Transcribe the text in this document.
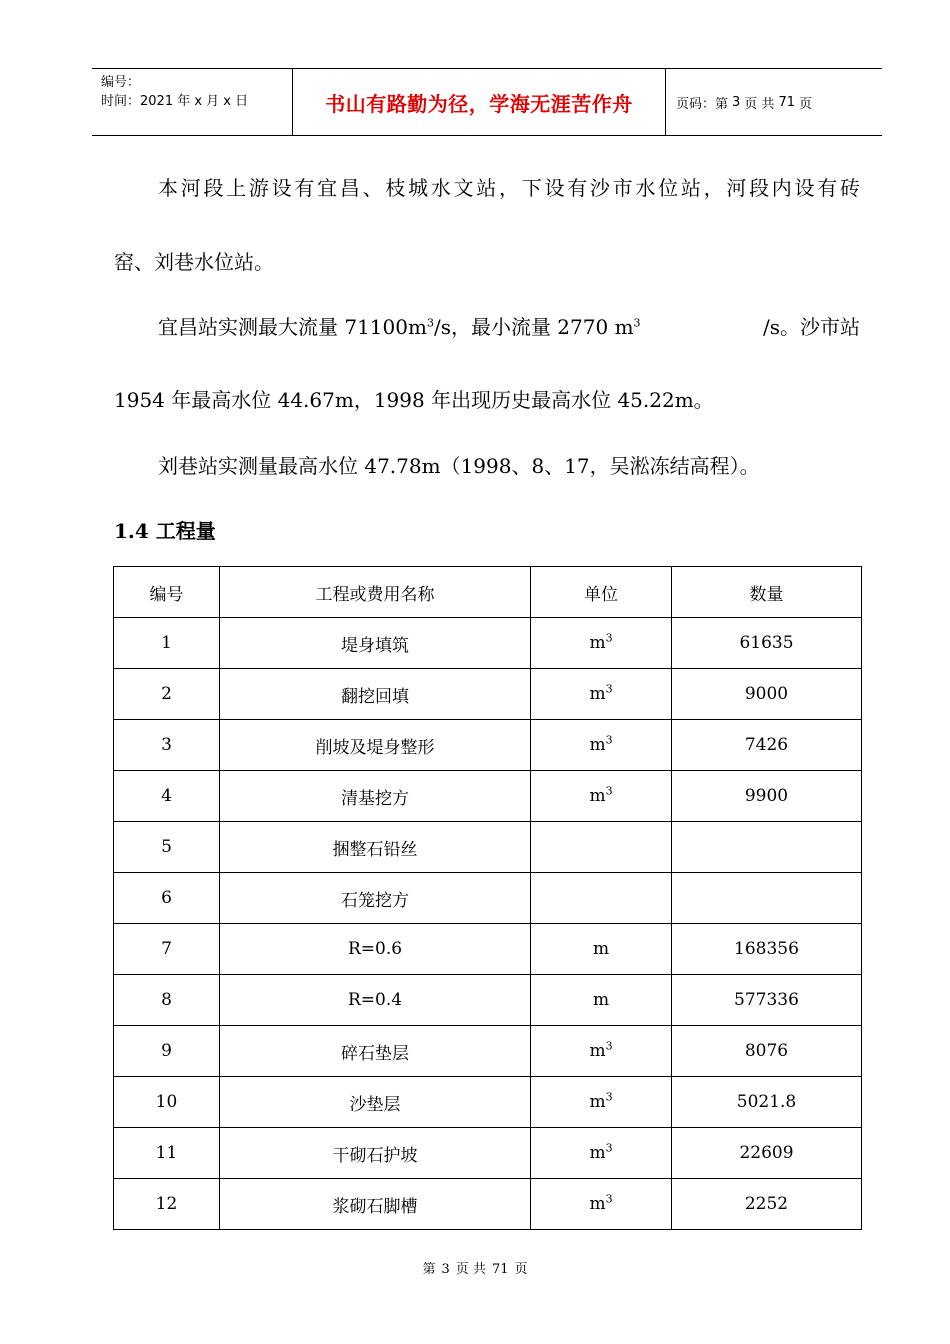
编号：
时间：2021 年 x 月 x 日	书山有路勤为径，学海无涯苦作舟	页码：第 3 页 共 71 页
本河段上游设有宜昌、枝城水文站，下设有沙市水位站，河段内设有砖
窑、刘巷水位站。
宜昌站实测最大流量 $71100m^3/s$，最小流量 2770 $m^3$	/s。沙市站
1954 年最高水位 44.67m，1998 年出现历史最高水位 45.22m。
刘巷站实测量最高水位 47.78m（1998、8、17，吴淞冻结高程）。
1.4 工程量
编号	工程或费用名称	单位	数量
1	堤身填筑	$m^3$	61635
2	翻挖回填	$m^3$	9000
3	削坡及堤身整形	$m^3$	7426
4	清基挖方	$m^3$	9900
5	捆整石铅丝		
6	石笼挖方		
7	R=0.6	m	168356
8	R=0.4	m	577336
9	碎石垫层	$m^3$	8076
10	沙垫层	$m^3$	5021.8
11	干砌石护坡	$m^3$	22609
12	浆砌石脚槽	$m^3$	2252
第 3 页 共 71 页
